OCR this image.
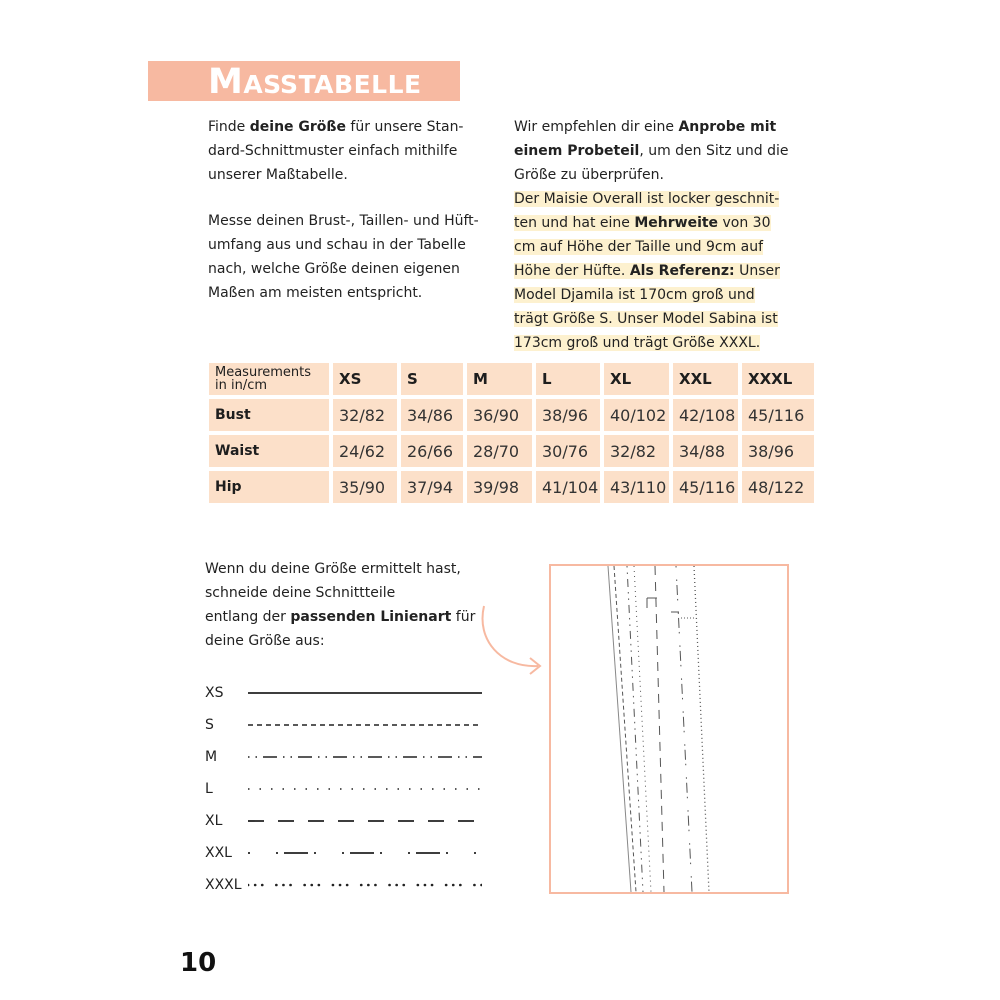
Maßtabelle
Finde deine Größe für unsere Stan-
dard-Schnittmuster einfach mithilfe
unserer Maßtabelle.
Messe deinen Brust-, Taillen- und Hüft-
umfang aus und schau in der Tabelle
nach, welche Größe deinen eigenen
Maßen am meisten entspricht.
Wir empfehlen dir eine Anprobe mit
einem Probeteil, um den Sitz und die
Größe zu überprüfen.
Der Maisie Overall ist locker geschnit-
ten und hat eine Mehrweite von 30
cm auf Höhe der Taille und 9cm auf
Höhe der Hüfte. Als Referenz: Unser
Model Djamila ist 170cm groß und
trägt Größe S. Unser Model Sabina ist
173cm groß und trägt Größe XXXL.
Measurements
in in/cm	XS	S	M	L	XL	XXL	XXXL
Bust	32/82	34/86	36/90	38/96	40/102	42/108	45/116
Waist	24/62	26/66	28/70	30/76	32/82	34/88	38/96
Hip	35/90	37/94	39/98	41/104	43/110	45/116	48/122
Wenn du deine Größe ermittelt hast,
schneide deine Schnittteile
entlang der passenden Linienart für
deine Größe aus:
XS
S
M
L
XL
XXL
XXXL
10
